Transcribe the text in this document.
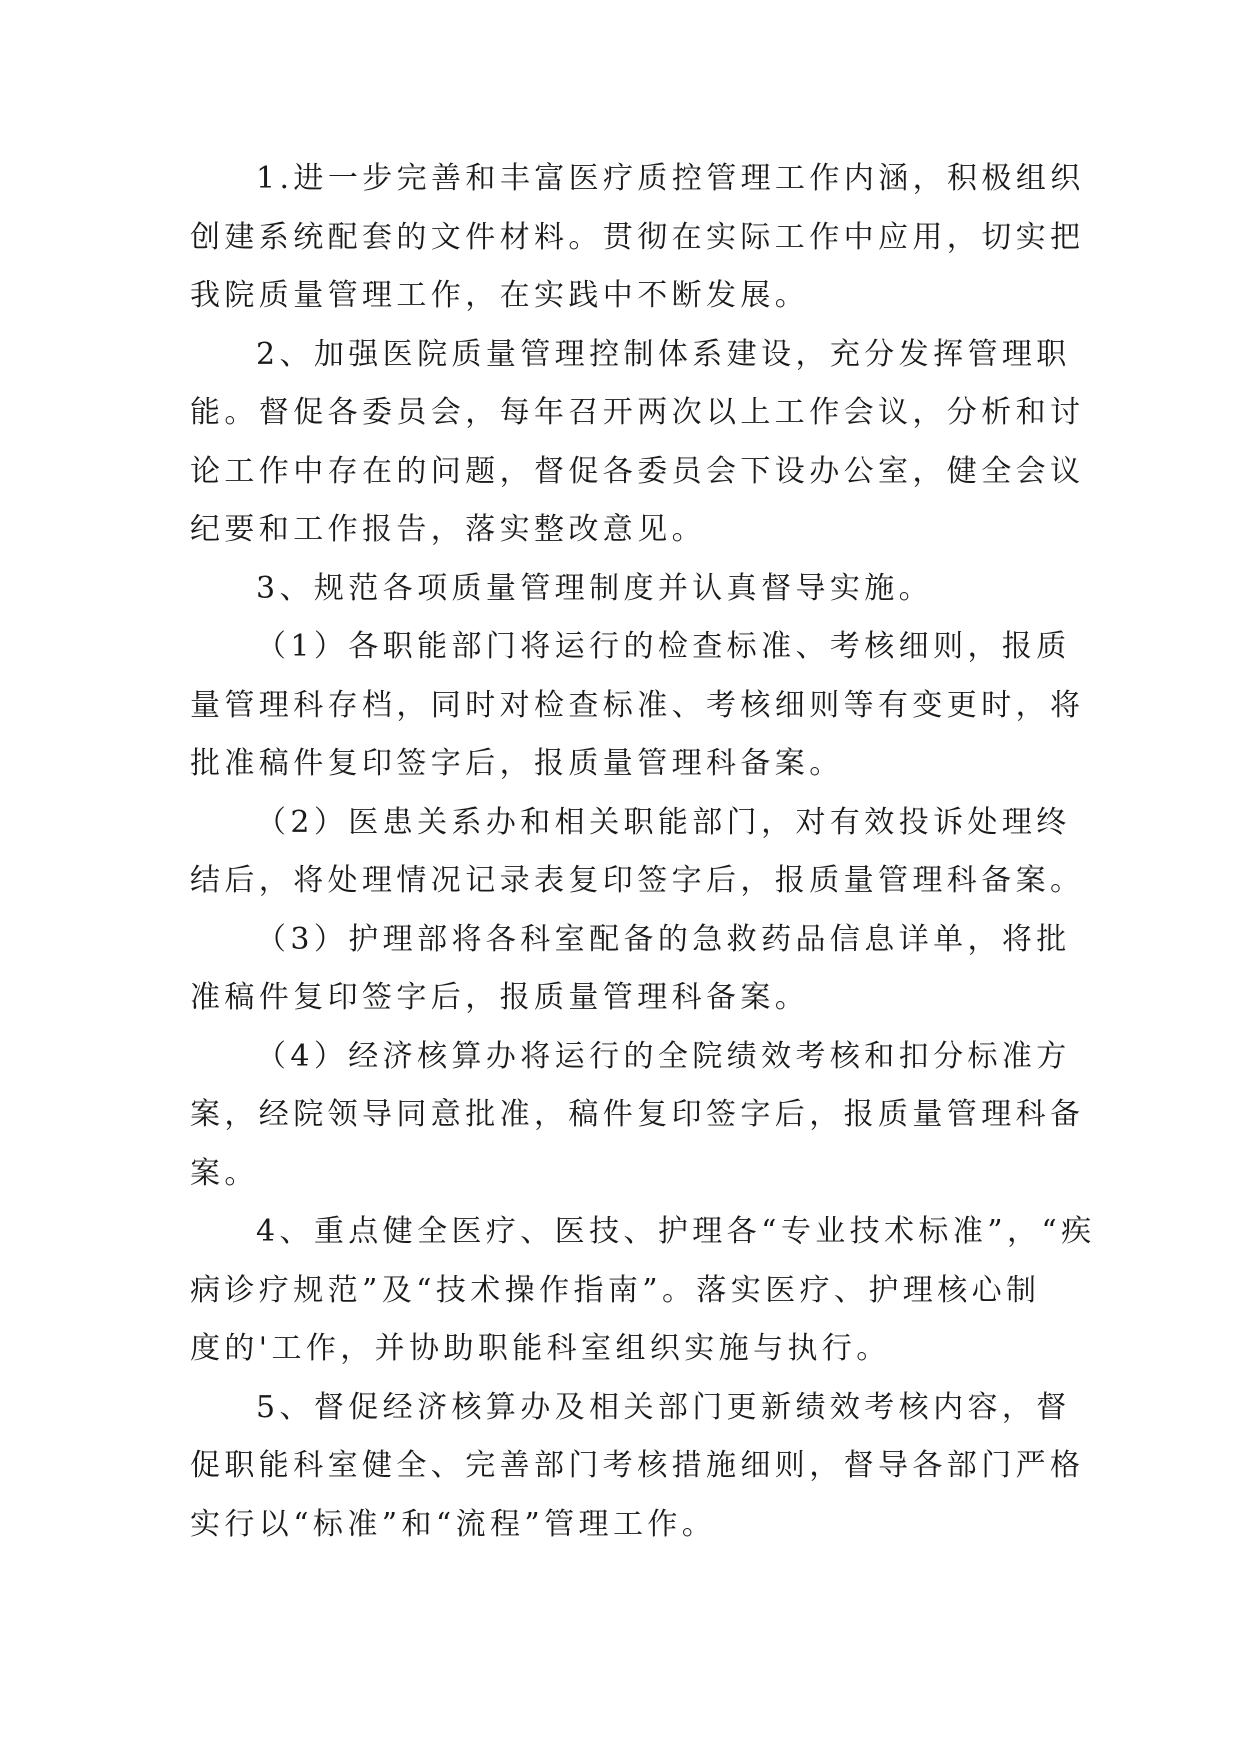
1.进一步完善和丰富医疗质控管理工作内涵，积极组织

创建系统配套的文件材料。贯彻在实际工作中应用，切实把
我院质量管理工作，在实践中不断发展。

2、加强医院质量管理控制体系建设，充分发挥管理职

能。督促各委员会，每年召开两次以上工作会议，分析和讨
论工作中存在的问题，督促各委员会下设办公室，健全会议
纪要和工作报告，落实整改意见。

3、规范各项质量管理制度并认真督导实施。

（1）各职能部门将运行的检查标准、考核细则，报质

量管理科存档，同时对检查标准、考核细则等有变更时，将
批准稿件复印签字后，报质量管理科备案。

（2）医患关系办和相关职能部门，对有效投诉处理终

结后，将处理情况记录表复印签字后，报质量管理科备案。

（3）护理部将各科室配备的急救药品信息详单，将批

准稿件复印签字后，报质量管理科备案。

（4）经济核算办将运行的全院绩效考核和扣分标准方

案，经院领导同意批准，稿件复印签字后，报质量管理科备
案。

4、重点健全医疗、医技、护理各“专业技术标准”，“疾

病诊疗规范”及“技术操作指南”。落实医疗、护理核心制
度的'工作，并协助职能科室组织实施与执行。

5、督促经济核算办及相关部门更新绩效考核内容，督

促职能科室健全、完善部门考核措施细则，督导各部门严格
实行以“标准”和“流程”管理工作。
